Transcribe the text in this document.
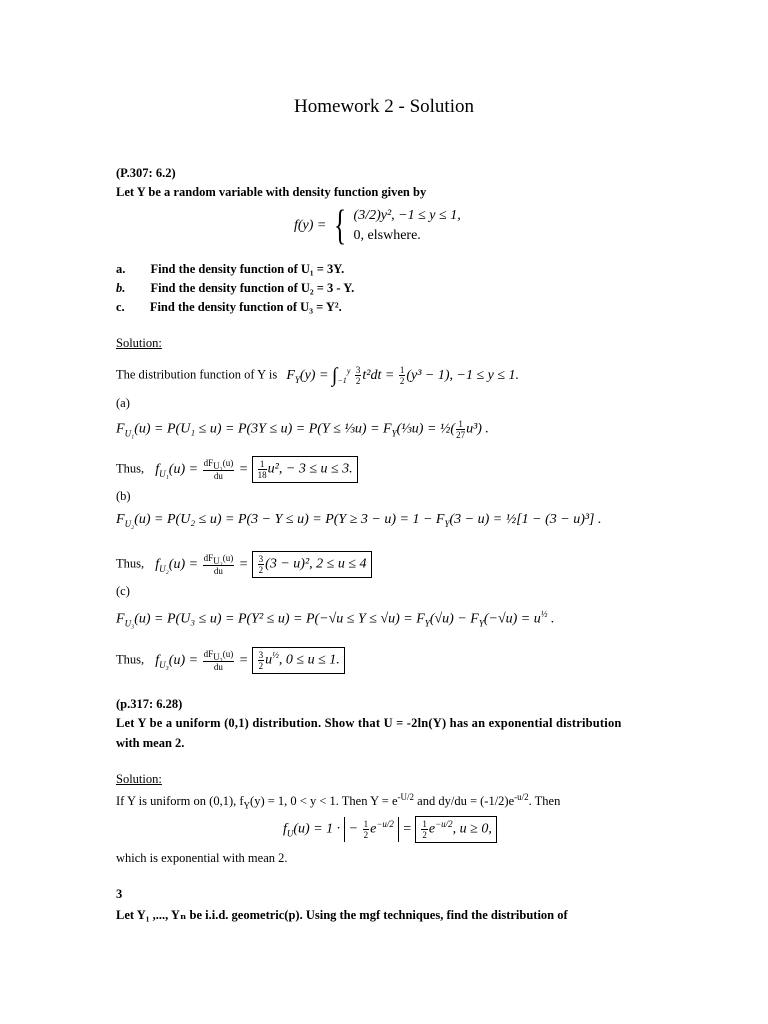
Homework 2 - Solution
(P.307: 6.2)
Let Y be a random variable with density function given by
f(y) = { (3/2)y², −1 ≤ y ≤ 1,
0, elswhere.
a. Find the density function of U₁ = 3Y.
b. Find the density function of U₂ = 3 - Y.
c. Find the density function of U₃ = Y².
Solution:
The distribution function of Y is $F_Y(y) = \int_{-1}^y \frac{3}{2} t^2dt = \frac{1}{2} (y^3 - 1)$, −1 ≤ y ≤ 1.
(a)
$F_{U_1}(u) = P(U_1 \le u) = P(3Y \le u) = P(Y$ ≤ ⅓u) = $F_Y(\frac{1}{3}u)$ = ½( $\frac{1}{27} u^3$) .
Thus, $f_{U_1}(u) = \frac{dF_{U_1}(u)}{du} = \frac{1}{18} u^2$, − 3 ≤ u ≤ 3.
(b)
$F_{U_2}(u) = P(U_2 \le u) = P(3 - Y \le u) = P(Y \ge 3 - u) = 1 - F_Y(3 - u)$ = ½[1 − (3 − u)³] .
Thus, $f_{U_2}(u) = \frac{dF_{U_2}(u)}{du} = \frac{3}{2} (3 - u)^2$, 2 ≤ u ≤ 4
(c)
$F_{U_3}(u) = P(U_3 \le u) = P(Y^2 \le u) = P(-√u \le Y \le √u) = F_Y(√u) - F_Y(-√u) = u^{\frac{1}{2}}$ .
Thus, $f_{U_3}(u) = \frac{dF_{U_3}(u)}{du} = \frac{3}{2} u^{\frac{1}{2}}$, 0 ≤ u ≤ 1.
(p.317: 6.28)
Let Y be a uniform (0,1) distribution. Show that U = -2ln(Y) has an exponential distribution
with mean 2.
Solution:
If Y is uniform on (0,1), $f_Y(y) = 1$, 0 < y < 1. Then $Y = e^{-U/2}$ and $dy/du = (-1/2)e^{-u/2}$. Then
$f_U(u) = 1$ · − $\frac{1}{2} e^{-u/2} = \frac{1}{2} e^{-u/2}$, u ≥ 0,
which is exponential with mean 2.
3
Let Y₁ ,..., Yₙ be i.i.d. geometric(p). Using the mgf techniques, find the distribution of
